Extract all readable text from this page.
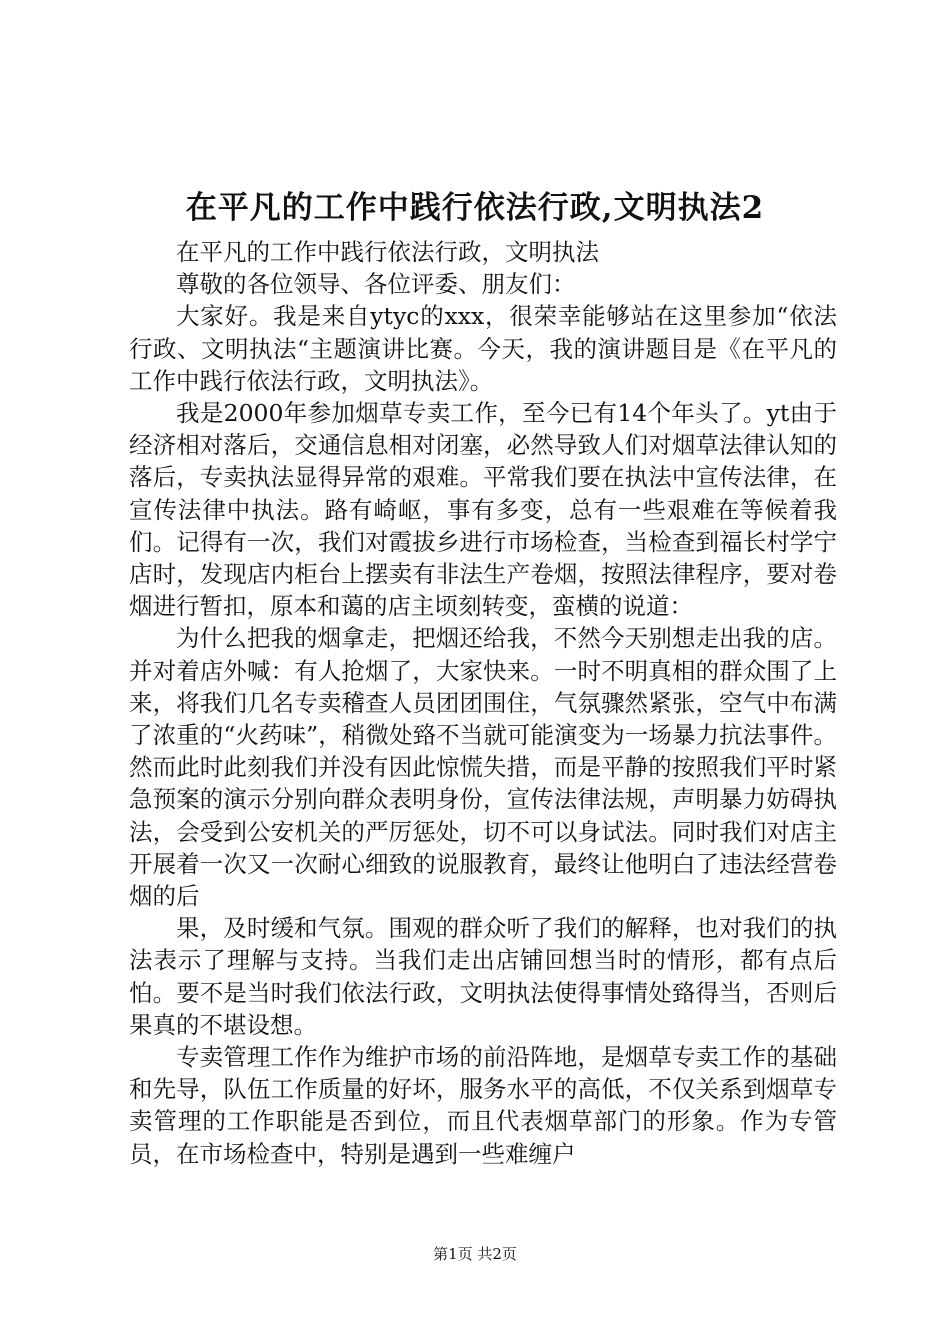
在平凡的工作中践行依法行政,文明执法2

在平凡的工作中践行依法行政，文明执法

尊敬的各位领导、各位评委、朋友们：

大家好。我是来自ytyc的xxx，很荣幸能够站在这里参加“依法行政、文明执法“主题演讲比赛。今天，我的演讲题目是《在平凡的工作中践行依法行政，文明执法》。

我是2000年参加烟草专卖工作，至今已有14个年头了。yt由于经济相对落后，交通信息相对闭塞，必然导致人们对烟草法律认知的落后，专卖执法显得异常的艰难。平常我们要在执法中宣传法律，在宣传法律中执法。路有崎岖，事有多变，总有一些艰难在等候着我们。记得有一次，我们对霞拔乡进行市场检查，当检查到福长村学宁店时，发现店内柜台上摆卖有非法生产卷烟，按照法律程序，要对卷烟进行暂扣，原本和蔼的店主顷刻转变，蛮横的说道：

为什么把我的烟拿走，把烟还给我，不然今天别想走出我的店。并对着店外喊：有人抢烟了，大家快来。一时不明真相的群众围了上来，将我们几名专卖稽查人员团团围住，气氛骤然紧张，空气中布满了浓重的“火药味”，稍微处臵不当就可能演变为一场暴力抗法事件。然而此时此刻我们并没有因此惊慌失措，而是平静的按照我们平时紧急预案的演示分别向群众表明身份，宣传法律法规，声明暴力妨碍执法，会受到公安机关的严厉惩处，切不可以身试法。同时我们对店主开展着一次又一次耐心细致的说服教育，最终让他明白了违法经营卷烟的后

果，及时缓和气氛。围观的群众听了我们的解释，也对我们的执法表示了理解与支持。当我们走出店铺回想当时的情形，都有点后怕。要不是当时我们依法行政，文明执法使得事情处臵得当，否则后果真的不堪设想。

专卖管理工作作为维护市场的前沿阵地，是烟草专卖工作的基础和先导，队伍工作质量的好坏，服务水平的高低，不仅关系到烟草专卖管理的工作职能是否到位，而且代表烟草部门的形象。作为专管员，在市场检查中，特别是遇到一些难缠户

第1页 共2页
